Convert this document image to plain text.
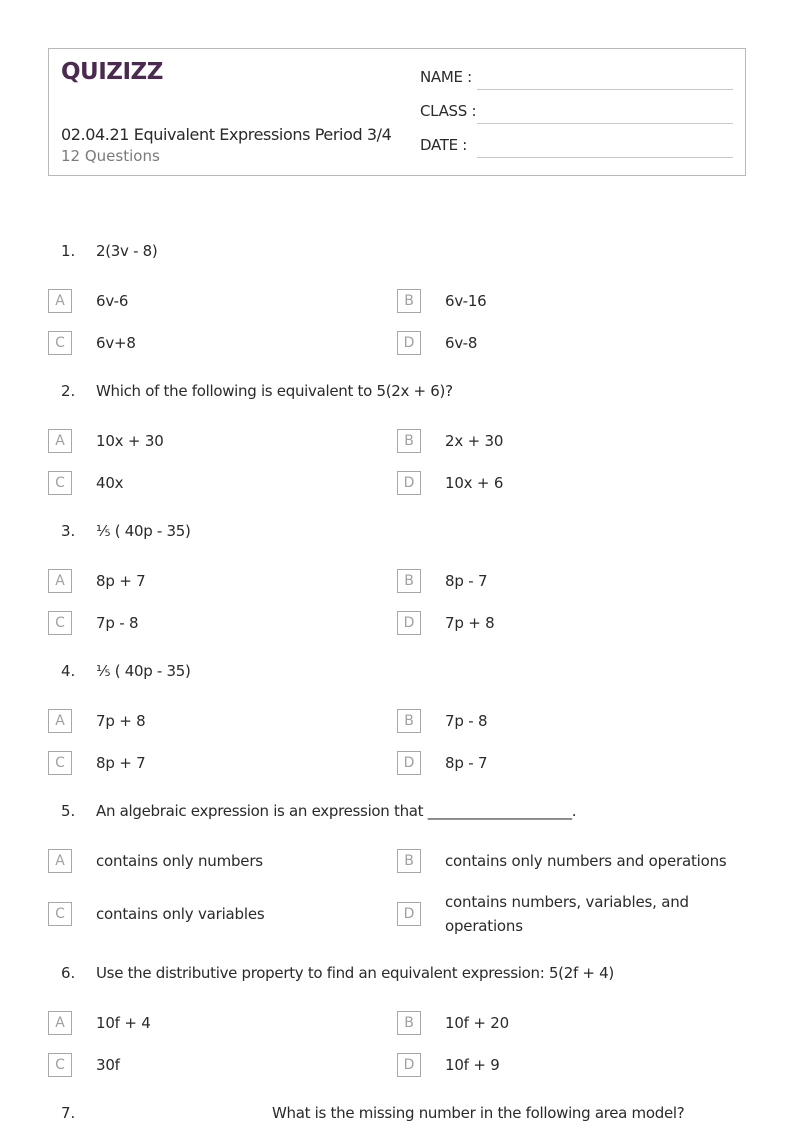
QUIZIZZ
02.04.21 Equivalent Expressions Period 3/4
12 Questions
NAME :
CLASS :
DATE :
1. 2(3v - 8)
A	6v-6	B	6v-16
C	6v+8	D	6v-8
2. Which of the following is equivalent to 5(2x + 6)?
A	10x + 30	B	2x + 30
C	40x	D	10x + 6
3. ⅕ ( 40p - 35)
A	8p + 7	B	8p - 7
C	7p - 8	D	7p + 8
4. ⅕ ( 40p - 35)
A	7p + 8	B	7p - 8
C	8p + 7	D	8p - 7
5. An algebraic expression is an expression that ____________________.
A	contains only numbers	B	contains only numbers and operations
C	contains only variables	D
contains numbers, variables, and operations
6. Use the distributive property to find an equivalent expression: 5(2f + 4)
A	10f + 4	B	10f + 20
C	30f	D	10f + 9
7.	What is the missing number in the following area model?
